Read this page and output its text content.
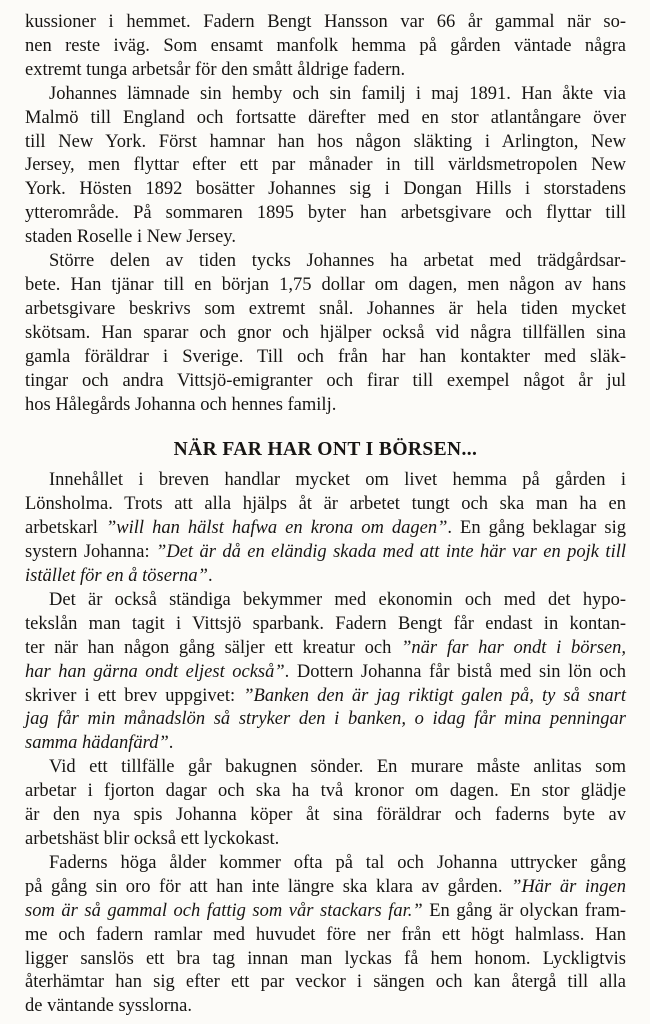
kussioner i hemmet. Fadern Bengt Hansson var 66 år gammal när so-
nen reste iväg. Som ensamt manfolk hemma på gården väntade några
extremt tunga arbetsår för den smått åldrige fadern.
Johannes lämnade sin hemby och sin familj i maj 1891. Han åkte via
Malmö till England och fortsatte därefter med en stor atlantångare över
till New York. Först hamnar han hos någon släkting i Arlington, New
Jersey, men flyttar efter ett par månader in till världsmetropolen New
York. Hösten 1892 bosätter Johannes sig i Dongan Hills i storstadens
ytterområde. På sommaren 1895 byter han arbetsgivare och flyttar till
staden Roselle i New Jersey.
Större delen av tiden tycks Johannes ha arbetat med trädgårdsar-
bete. Han tjänar till en början 1,75 dollar om dagen, men någon av hans
arbetsgivare beskrivs som extremt snål. Johannes är hela tiden mycket
skötsam. Han sparar och gnor och hjälper också vid några tillfällen sina
gamla föräldrar i Sverige. Till och från har han kontakter med släk-
tingar och andra Vittsjö-emigranter och firar till exempel något år jul
hos Hålegårds Johanna och hennes familj.
NÄR FAR HAR ONT I BÖRSEN...
Innehållet i breven handlar mycket om livet hemma på gården i
Lönsholma. Trots att alla hjälps åt är arbetet tungt och ska man ha en
arbetskarl ”will han hälst hafwa en krona om dagen”. En gång beklagar sig
systern Johanna: ”Det är då en eländig skada med att inte här var en pojk till
istället för en å töserna”.
Det är också ständiga bekymmer med ekonomin och med det hypo-
tekslån man tagit i Vittsjö sparbank. Fadern Bengt får endast in kontan-
ter när han någon gång säljer ett kreatur och ”när far har ondt i börsen,
har han gärna ondt eljest också”. Dottern Johanna får bistå med sin lön och
skriver i ett brev uppgivet: ”Banken den är jag riktigt galen på, ty så snart
jag får min månadslön så stryker den i banken, o idag får mina penningar
samma hädanfärd”.
Vid ett tillfälle går bakugnen sönder. En murare måste anlitas som
arbetar i fjorton dagar och ska ha två kronor om dagen. En stor glädje
är den nya spis Johanna köper åt sina föräldrar och faderns byte av
arbetshäst blir också ett lyckokast.
Faderns höga ålder kommer ofta på tal och Johanna uttrycker gång
på gång sin oro för att han inte längre ska klara av gården. ”Här är ingen
som är så gammal och fattig som vår stackars far.” En gång är olyckan fram-
me och fadern ramlar med huvudet före ner från ett högt halmlass. Han
ligger sanslös ett bra tag innan man lyckas få hem honom. Lyckligtvis
återhämtar han sig efter ett par veckor i sängen och kan återgå till alla
de väntande sysslorna.
